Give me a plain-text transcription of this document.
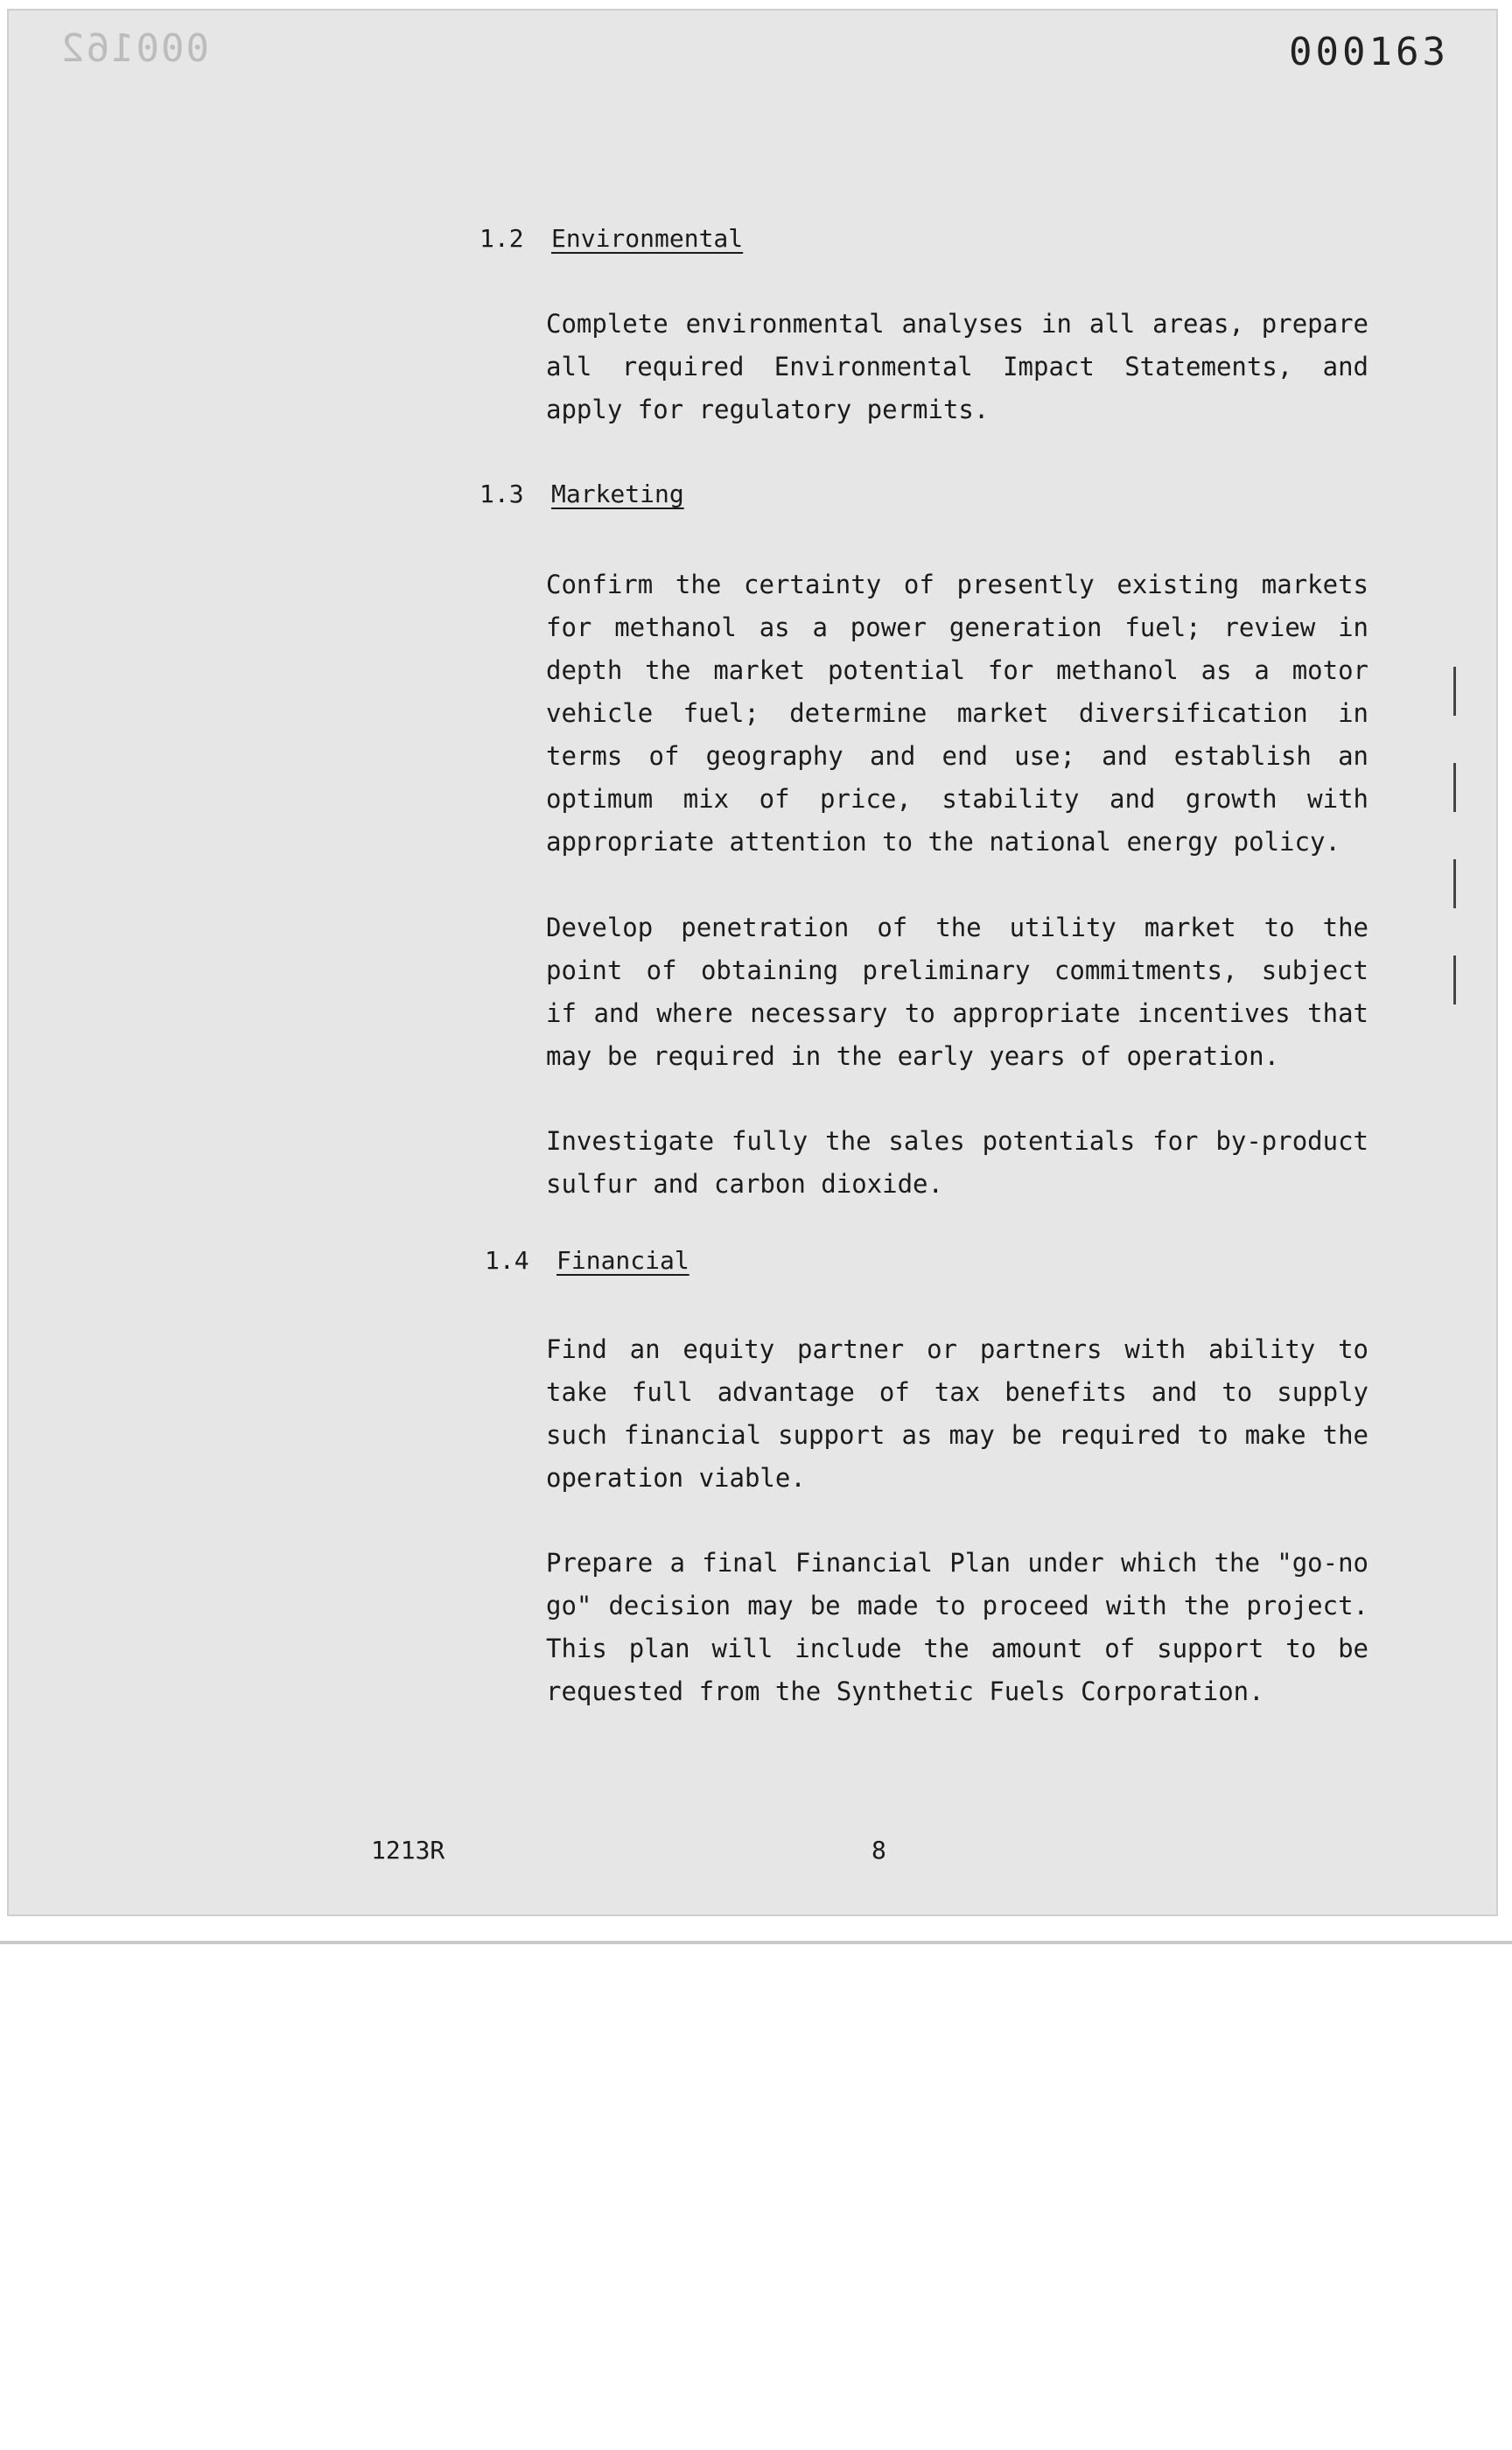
000162	000163
1.2 Environmental

Complete environmental analyses in all areas, prepare all required Environmental Impact Statements, and apply for regulatory permits.

1.3 Marketing

Confirm the certainty of presently existing markets for methanol as a power generation fuel; review in depth the market potential for methanol as a motor vehicle fuel; determine market diversification in terms of geography and end use; and establish an optimum mix of price, stability and growth with appropriate attention to the national energy policy.

Develop penetration of the utility market to the point of obtaining preliminary commitments, subject if and where necessary to appropriate incentives that may be required in the early years of operation.

Investigate fully the sales potentials for by-product sulfur and carbon dioxide.

1.4 Financial

Find an equity partner or partners with ability to take full advantage of tax benefits and to supply such financial support as may be required to make the operation viable.

Prepare a final Financial Plan under which the "go-no go" decision may be made to proceed with the project. This plan will include the amount of support to be requested from the Synthetic Fuels Corporation.

1213R	8
